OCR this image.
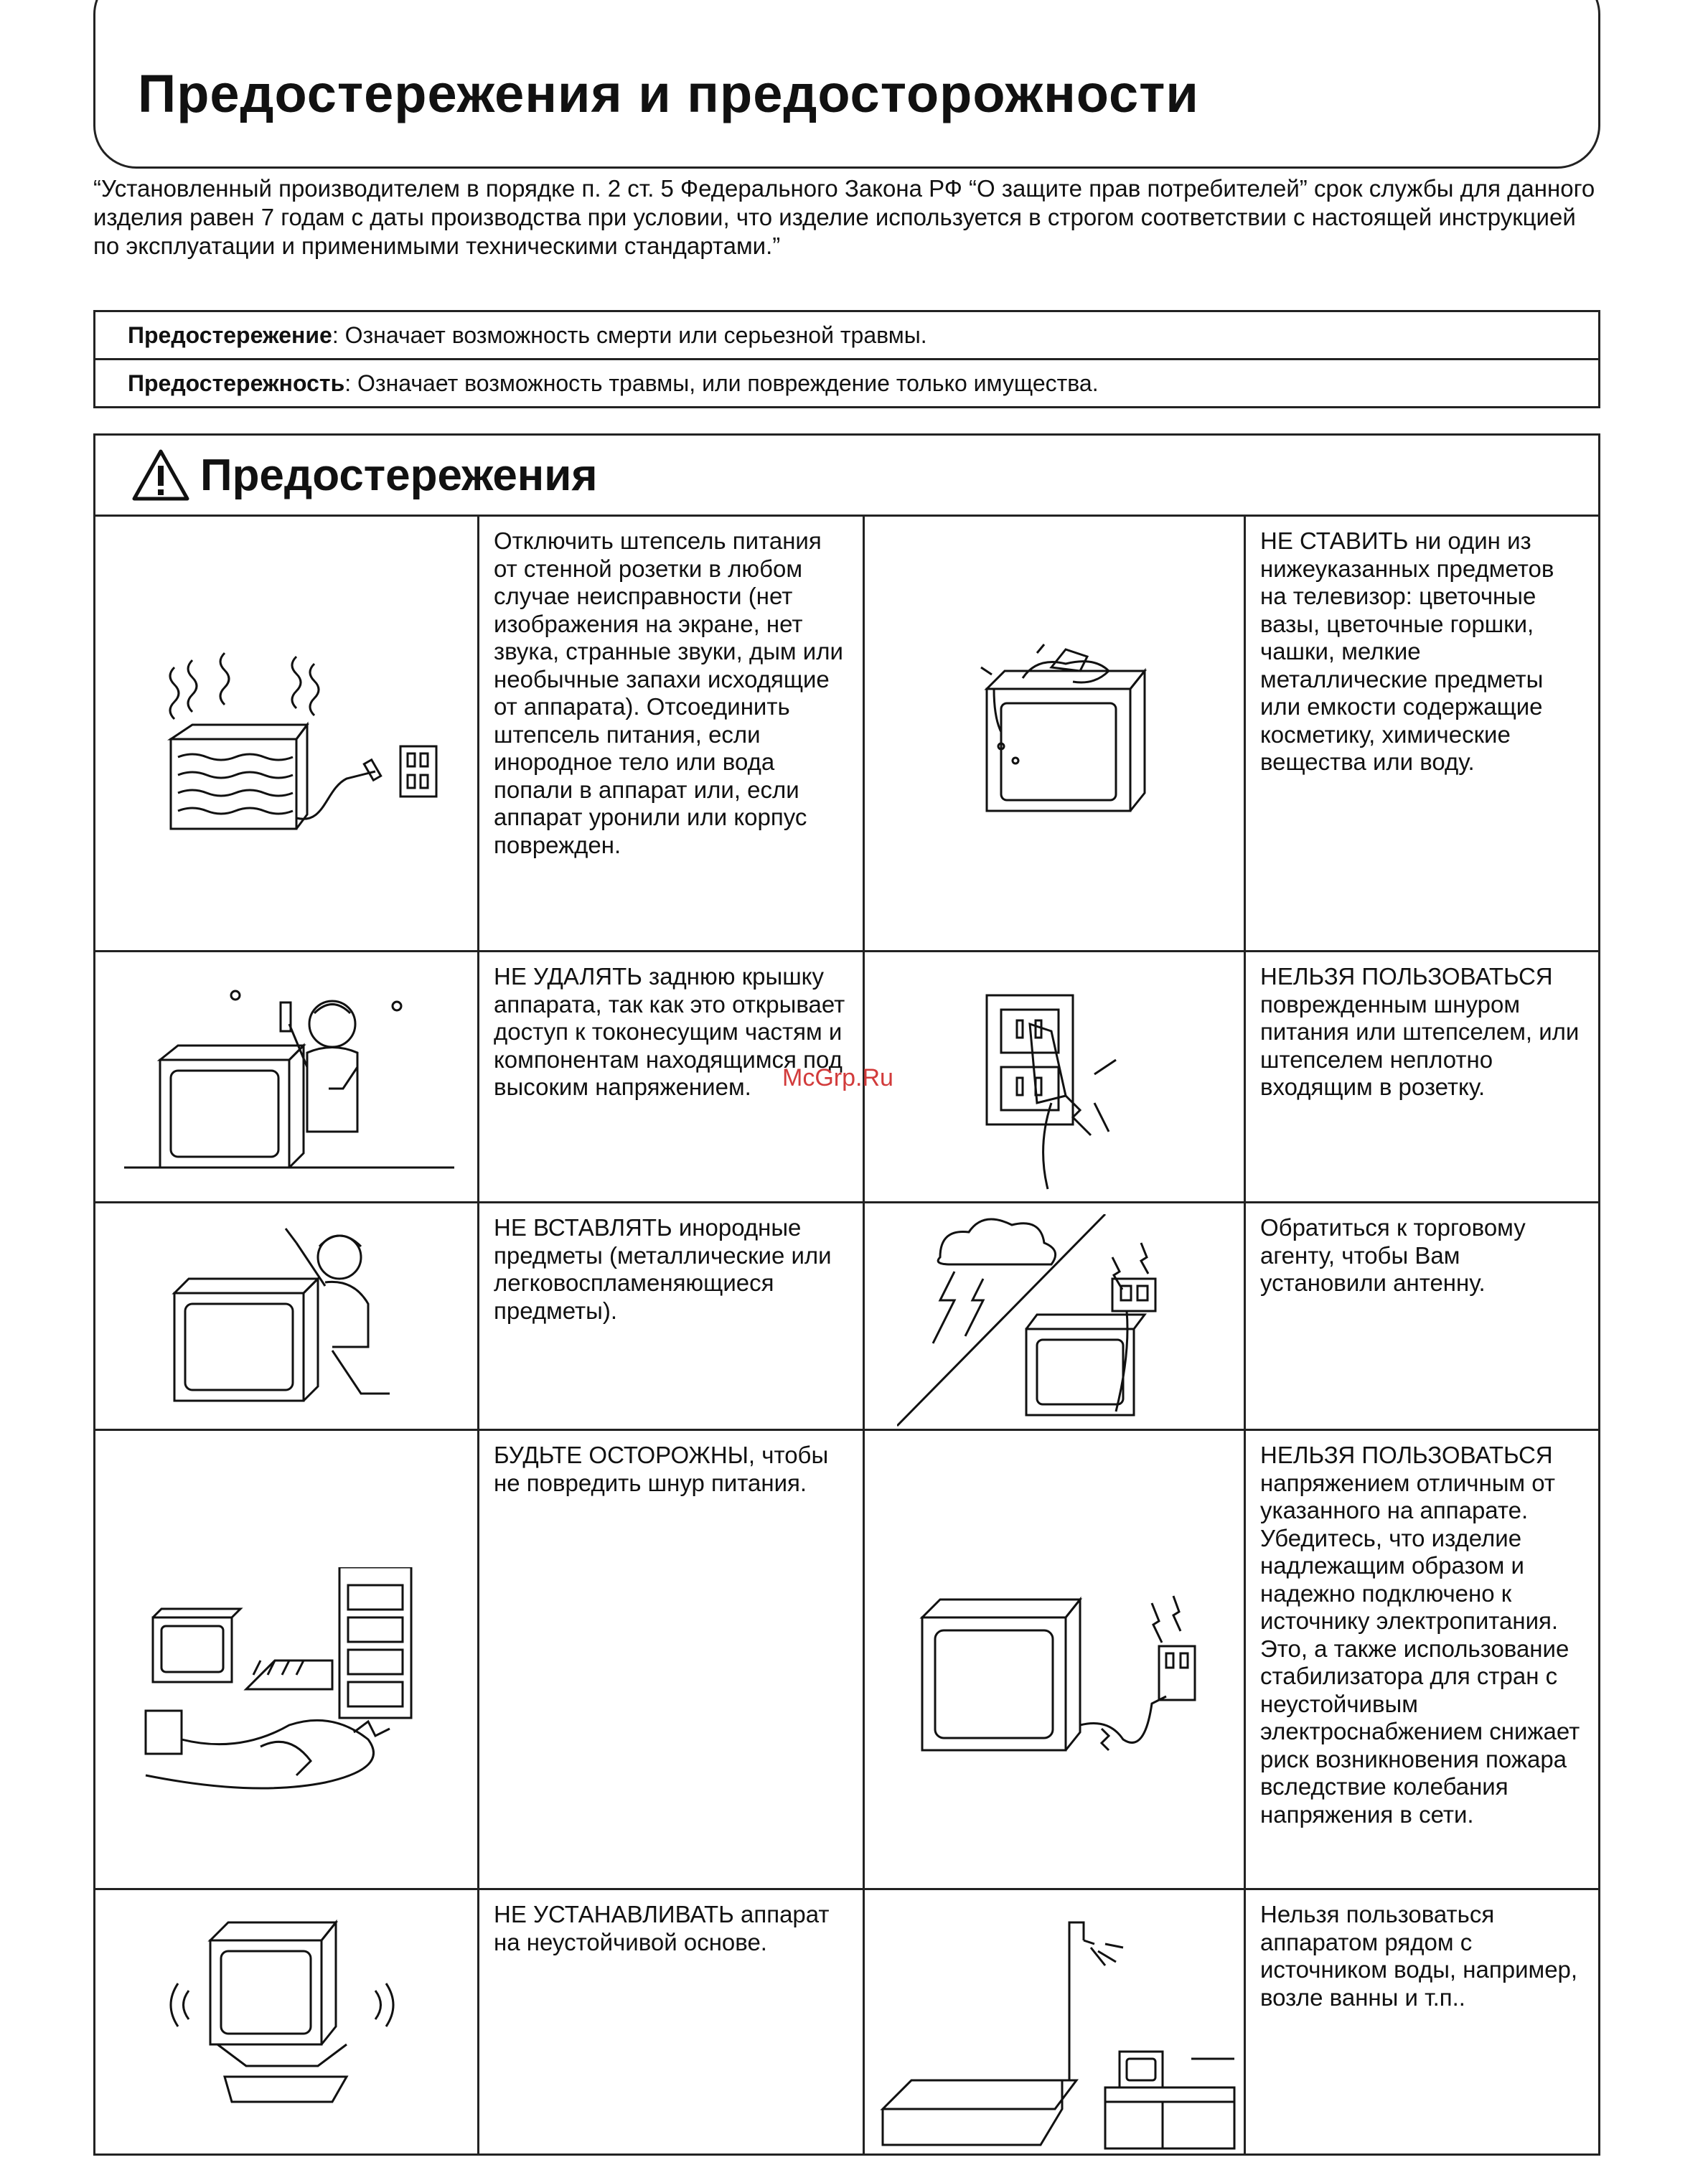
Предостережения и предосторожности

“Установленный производителем в порядке п. 2 ст. 5 Федерального Закона РФ “О защите прав потребителей” срок службы для данного изделия равен 7 годам с даты производства при условии, что изделие используется в строгом соответствии с настоящей инструкцией по эксплуатации и применимыми техническими стандартами.”

Предостережение : Означает возможность смерти или серьезной травмы.
Предостережность : Означает возможность травмы, или повреждение только имущества.
Предостережения

Отключить штепсель питания от стенной розетки в любом случае неисправности (нет изображения на экране, нет звука, странные звуки, дым или необычные запахи исходящие от аппарата). Отсоединить штепсель питания, если инородное тело или вода попали в аппарат или, если аппарат уронили или корпус поврежден.

НЕ СТАВИТЬ ни один из нижеуказанных предметов на телевизор: цветочные вазы, цветочные горшки, чашки, мелкие металлические предметы или емкости содержащие косметику, химические вещества или воду.

НЕ УДАЛЯТЬ заднюю крышку аппарата, так как это открывает доступ к токонесущим частям и компонентам находящимся под высоким напряжением.

НЕЛЬЗЯ ПОЛЬЗОВАТЬСЯ поврежденным шнуром питания или штепселем, или штепселем неплотно входящим в розетку.

НЕ ВСТАВЛЯТЬ инородные предметы (металлические или легковоспламеняющиеся предметы).

Обратиться к торговому агенту, чтобы Вам установили антенну.

БУДЬТЕ ОСТОРОЖНЫ, чтобы не повредить шнур питания.

НЕЛЬЗЯ ПОЛЬЗОВАТЬСЯ напряжением отличным от указанного на аппарате. Убедитесь, что изделие надлежащим образом и надежно подключено к источнику электропитания. Это, а также использование стабилизатора для стран с неустойчивым электроснабжением снижает риск возникновения пожара вследствие колебания напряжения в сети.

НЕ УСТАНАВЛИВАТЬ аппарат на неустойчивой основе.

Нельзя пользоваться аппаратом рядом с источником воды, например, возле ванны и т.п..

McGrp.Ru
